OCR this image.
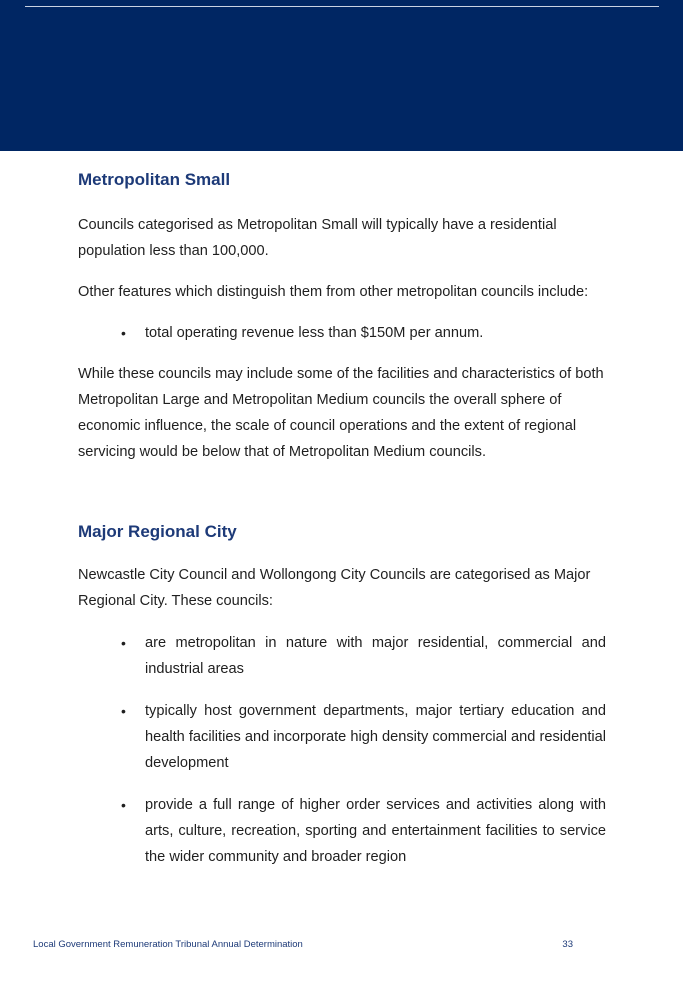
Metropolitan Small

Councils categorised as Metropolitan Small will typically have a residential population less than 100,000.

Other features which distinguish them from other metropolitan councils include:

• total operating revenue less than $150M per annum.

While these councils may include some of the facilities and characteristics of both Metropolitan Large and Metropolitan Medium councils the overall sphere of economic influence, the scale of council operations and the extent of regional servicing would be below that of Metropolitan Medium councils.

Major Regional City

Newcastle City Council and Wollongong City Councils are categorised as Major Regional City. These councils:

• are metropolitan in nature with major residential, commercial and industrial areas
• typically host government departments, major tertiary education and health facilities and incorporate high density commercial and residential development
• provide a full range of higher order services and activities along with arts, culture, recreation, sporting and entertainment facilities to service the wider community and broader region
Local Government Remuneration Tribunal Annual Determination	33
